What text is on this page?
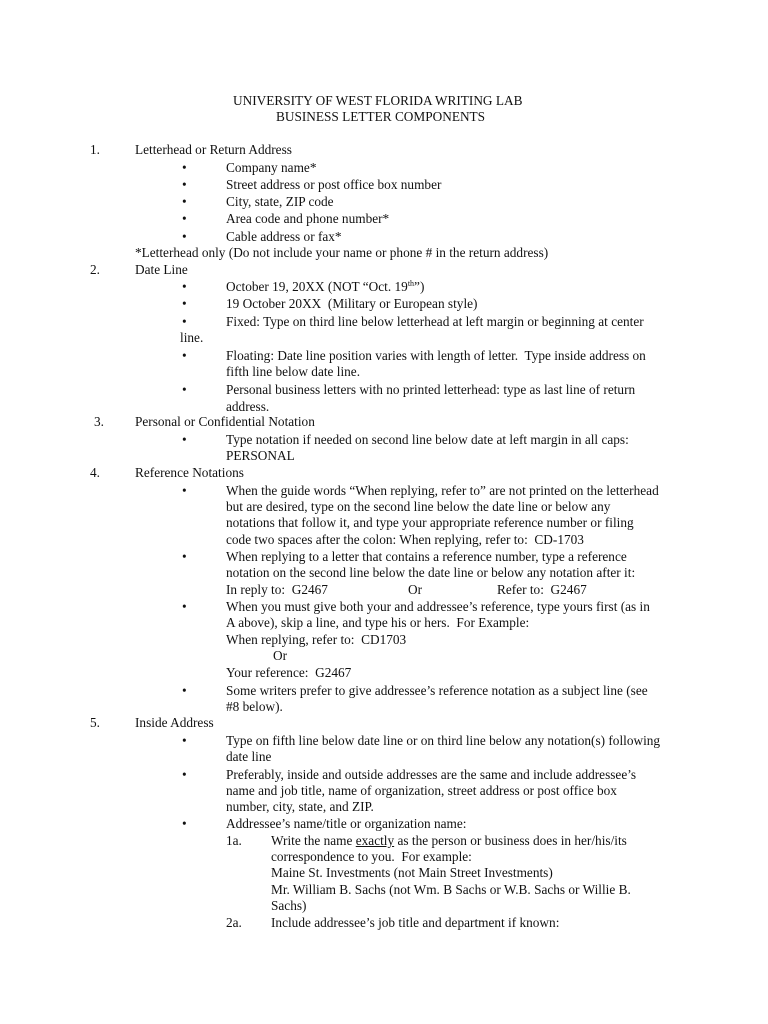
UNIVERSITY OF WEST FLORIDA WRITING LAB
BUSINESS LETTER COMPONENTS
1.	Letterhead or Return Address
•	Company name*
•	Street address or post office box number
•	City, state, ZIP code
•	Area code and phone number*
•	Cable address or fax*
*Letterhead only (Do not include your name or phone # in the return address)
2.	Date Line
•	October 19, 20XX (NOT “Oct. 19th”)
•	19 October 20XX  (Military or European style)
•	Fixed: Type on third line below letterhead at left margin or beginning at center
line.
•	Floating: Date line position varies with length of letter.  Type inside address on
fifth line below date line.
•	Personal business letters with no printed letterhead: type as last line of return
address.
3. Personal or Confidential Notation
•	Type notation if needed on second line below date at left margin in all caps:
PERSONAL
4.	Reference Notations
•	When the guide words “When replying, refer to” are not printed on the letterhead
but are desired, type on the second line below the date line or below any
notations that follow it, and type your appropriate reference number or filing
code two spaces after the colon: When replying, refer to:  CD-1703
•	When replying to a letter that contains a reference number, type a reference
notation on the second line below the date line or below any notation after it:
In reply to:  G2467	Or	Refer to:  G2467
•	When you must give both your and addressee’s reference, type yours first (as in
A above), skip a line, and type his or hers.  For Example:
When replying, refer to:  CD1703
Or
Your reference:  G2467
•	Some writers prefer to give addressee’s reference notation as a subject line (see
#8 below).
5.	Inside Address
•	Type on fifth line below date line or on third line below any notation(s) following
date line
•	Preferably, inside and outside addresses are the same and include addressee’s
name and job title, name of organization, street address or post office box
number, city, state, and ZIP.
•	Addressee’s name/title or organization name:
1a. Write the name exactly as the person or business does in her/his/its
correspondence to you.  For example:
Maine St. Investments (not Main Street Investments)
Mr. William B. Sachs (not Wm. B Sachs or W.B. Sachs or Willie B.
Sachs)
2a. Include addressee’s job title and department if known:
